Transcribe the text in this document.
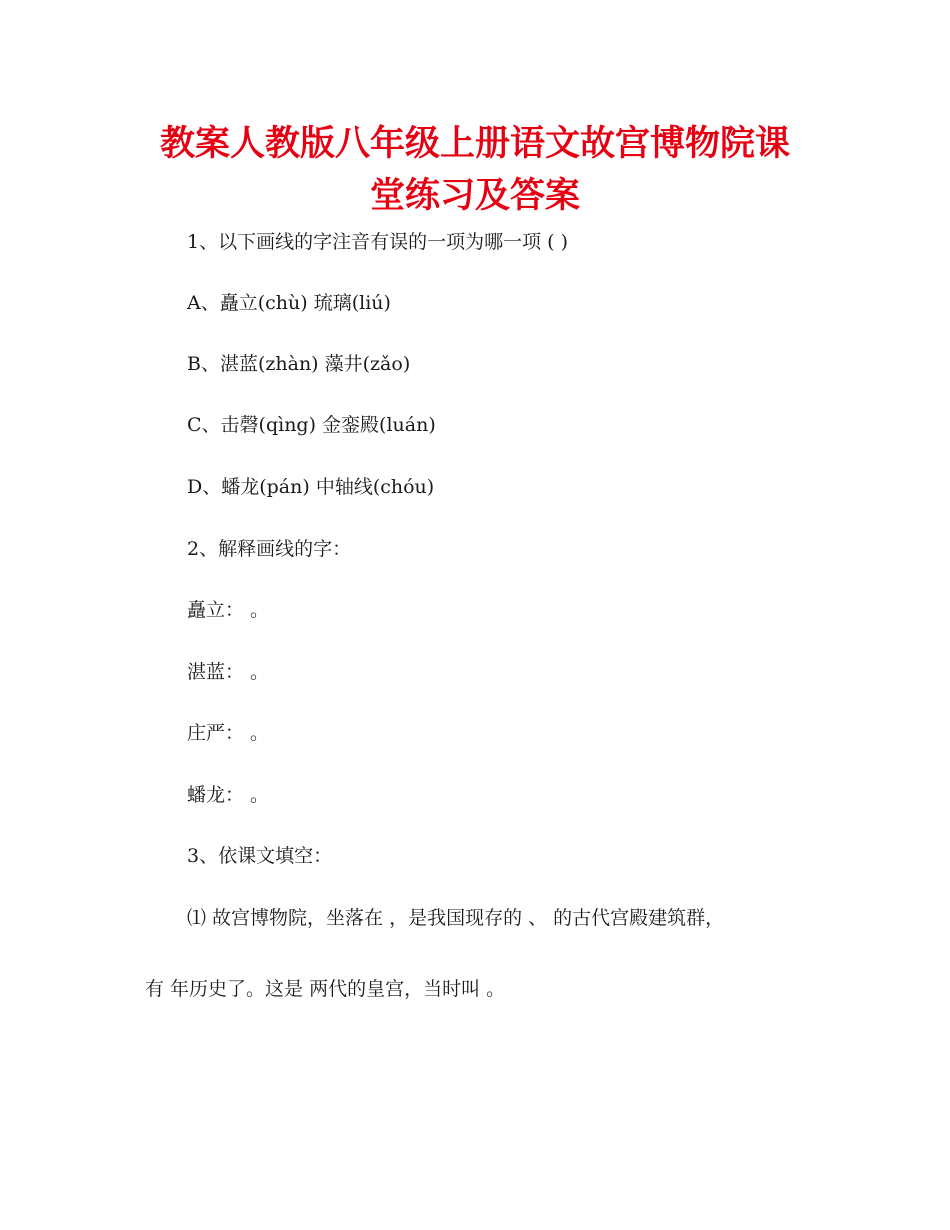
教案人教版八年级上册语文故宫博物院课
堂练习及答案
1、以下画线的字注音有误的一项为哪一项 ( )
A、矗立(chù) 琉璃(liú)
B、湛蓝(zhàn) 藻井(zǎo)
C、击磬(qìng) 金銮殿(luán)
D、蟠龙(pán) 中轴线(chóu)
2、解释画线的字：
矗立： 。
湛蓝： 。
庄严： 。
蟠龙： 。
3、依课文填空：
⑴ 故宫博物院，坐落在 ，是我国现存的 、 的古代宫殿建筑群，
有 年历史了。这是 两代的皇宫，当时叫 。
